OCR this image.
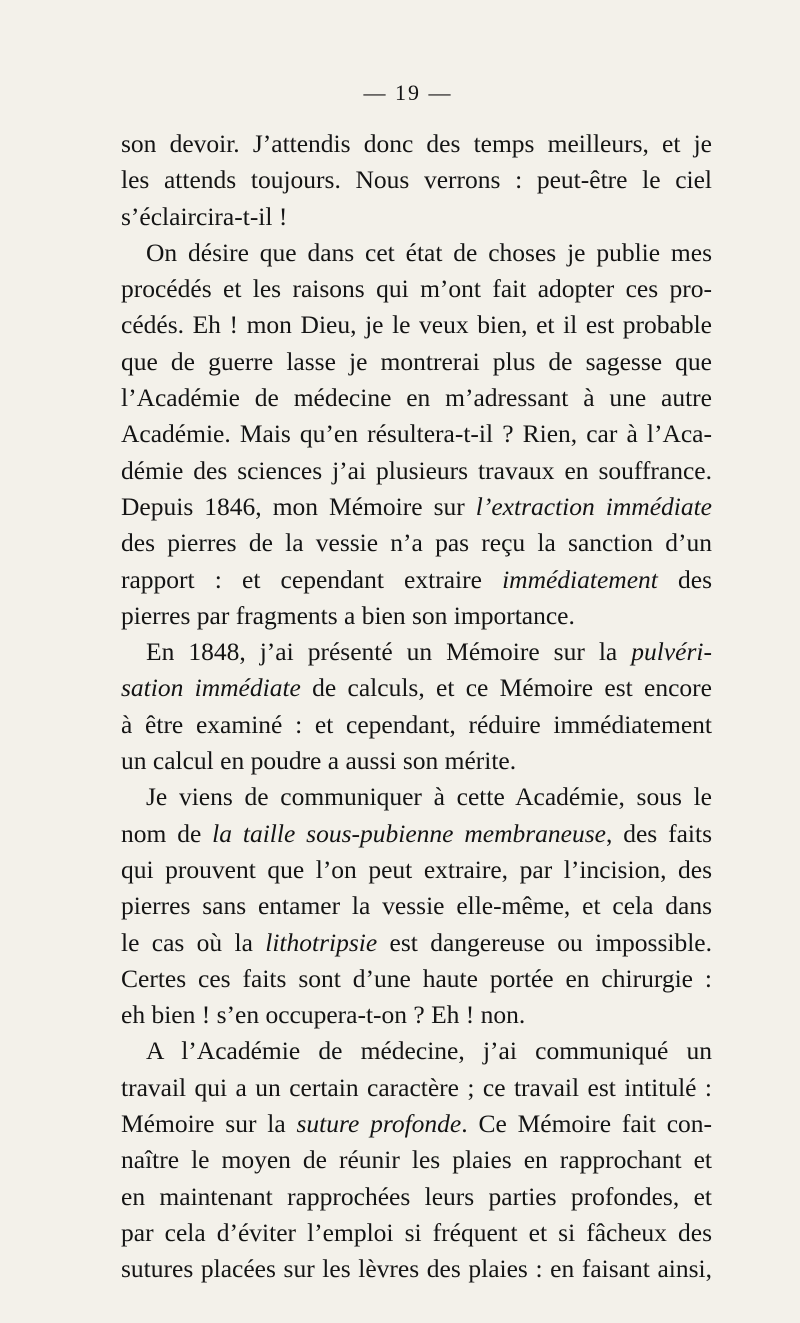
— 19 —
son devoir. J’attendis donc des temps meilleurs, et je
les attends toujours. Nous verrons : peut-être le ciel
s’éclaircira-t-il !
On désire que dans cet état de choses je publie mes
procédés et les raisons qui m’ont fait adopter ces pro-
cédés. Eh ! mon Dieu, je le veux bien, et il est probable
que de guerre lasse je montrerai plus de sagesse que
l’Académie de médecine en m’adressant à une autre
Académie. Mais qu’en résultera-t-il ? Rien, car à l’Aca-
démie des sciences j’ai plusieurs travaux en souffrance.
Depuis 1846, mon Mémoire sur l’extraction immédiate
des pierres de la vessie n’a pas reçu la sanction d’un
rapport : et cependant extraire immédiatement des
pierres par fragments a bien son importance.
En 1848, j’ai présenté un Mémoire sur la pulvéri-
sation immédiate de calculs, et ce Mémoire est encore
à être examiné : et cependant, réduire immédiatement
un calcul en poudre a aussi son mérite.
Je viens de communiquer à cette Académie, sous le
nom de la taille sous-pubienne membraneuse, des faits
qui prouvent que l’on peut extraire, par l’incision, des
pierres sans entamer la vessie elle-même, et cela dans
le cas où la lithotripsie est dangereuse ou impossible.
Certes ces faits sont d’une haute portée en chirurgie :
eh bien ! s’en occupera-t-on ? Eh ! non.
A l’Académie de médecine, j’ai communiqué un
travail qui a un certain caractère ; ce travail est intitulé :
Mémoire sur la suture profonde. Ce Mémoire fait con-
naître le moyen de réunir les plaies en rapprochant et
en maintenant rapprochées leurs parties profondes, et
par cela d’éviter l’emploi si fréquent et si fâcheux des
sutures placées sur les lèvres des plaies : en faisant ainsi,
